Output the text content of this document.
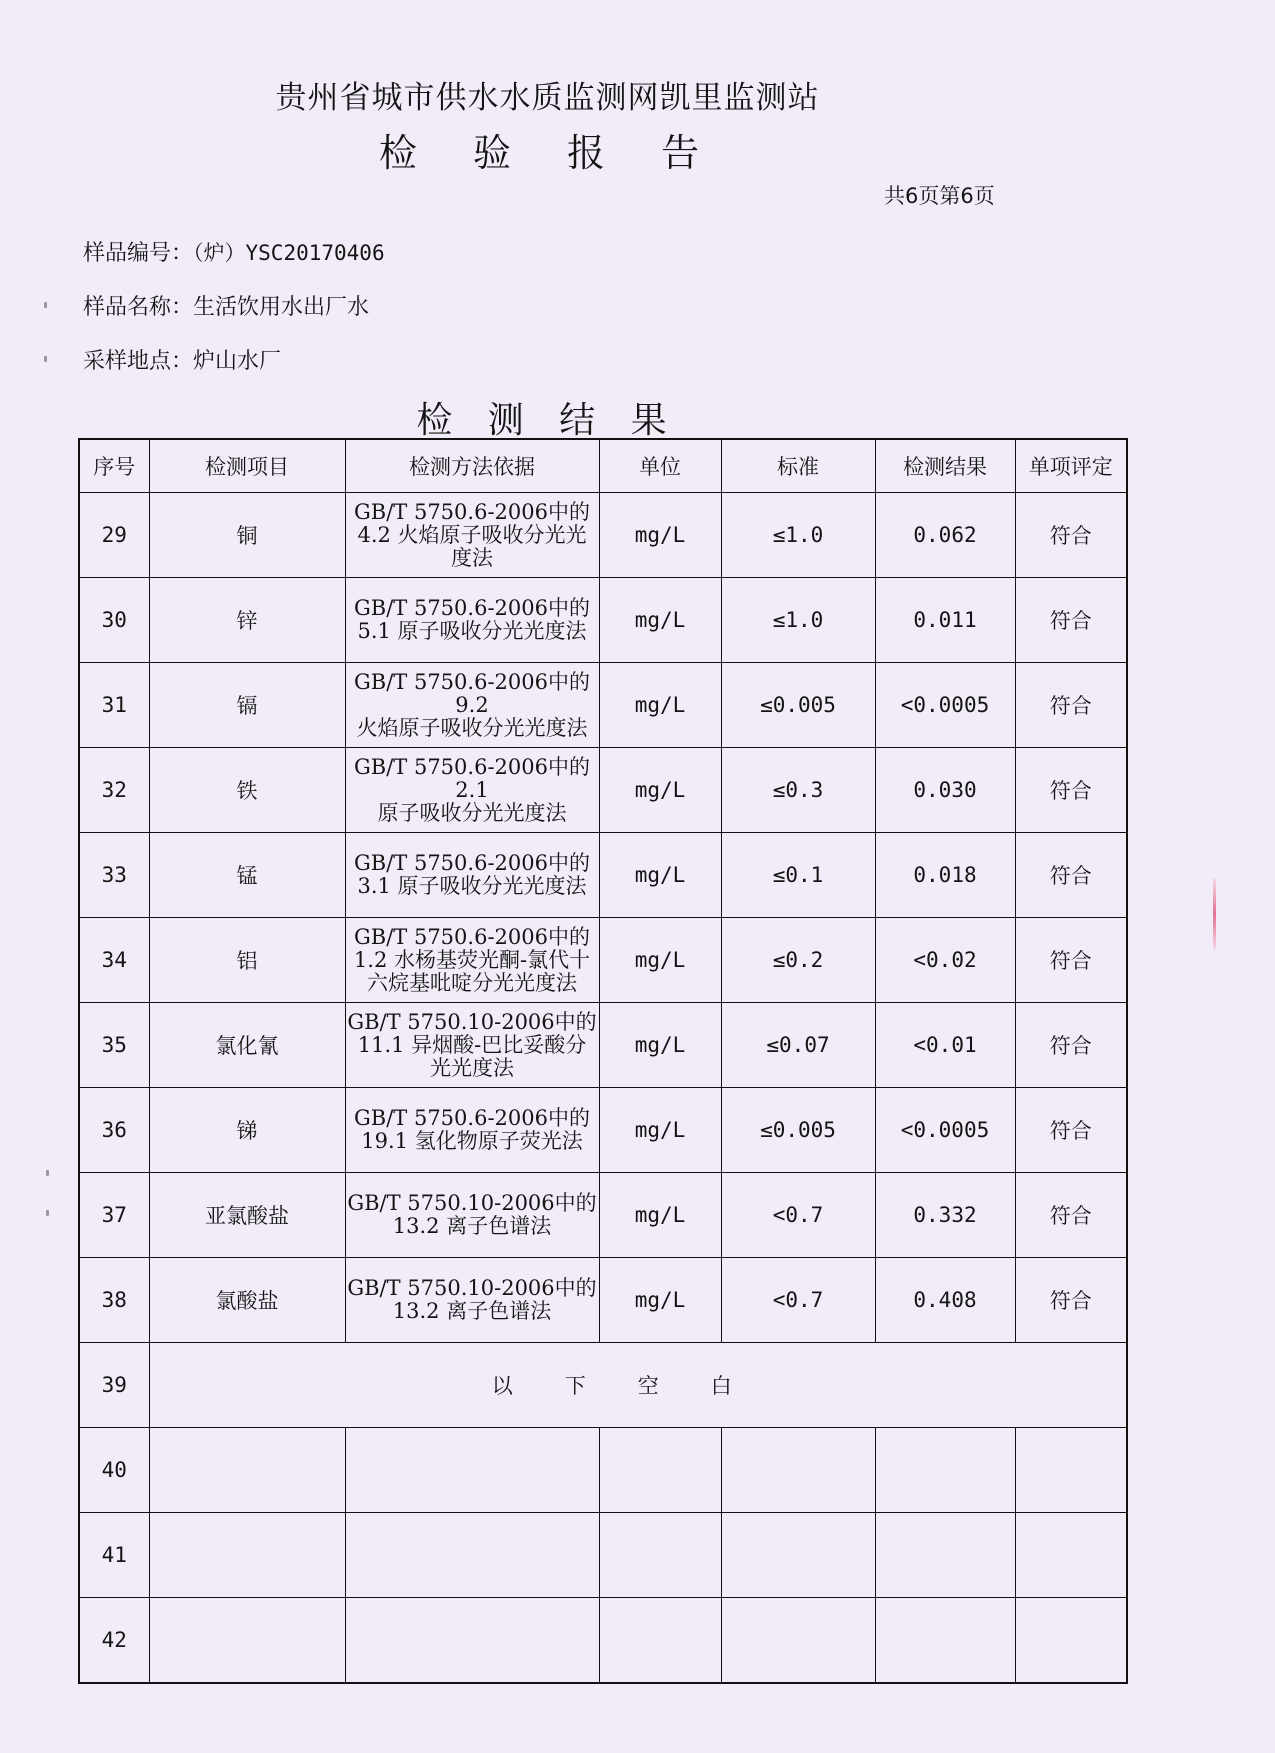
贵州省城市供水水质监测网凯里监测站
检 验 报 告
共6页第6页
样品编号：（炉）YSC20170406
样品名称：生活饮用水出厂水
采样地点：炉山水厂
检 测 结 果
序号	检测项目	检测方法依据	单位	标准	检测结果	单项评定
29	铜	GB/T 5750.6-2006中的
4.2 火焰原子吸收分光光
度法	mg/L	≤1.0	0.062	符合
30	锌	GB/T 5750.6-2006中的
5.1 原子吸收分光光度法	mg/L	≤1.0	0.011	符合
31	镉	GB/T 5750.6-2006中的9.2
火焰原子吸收分光光度法	mg/L	≤0.005	<0.0005	符合
32	铁	GB/T 5750.6-2006中的2.1
原子吸收分光光度法	mg/L	≤0.3	0.030	符合
33	锰	GB/T 5750.6-2006中的
3.1 原子吸收分光光度法	mg/L	≤0.1	0.018	符合
34	铝	GB/T 5750.6-2006中的
1.2 水杨基荧光酮-氯代十
六烷基吡啶分光光度法	mg/L	≤0.2	<0.02	符合
35	氯化氰	GB/T 5750.10-2006中的
11.1 异烟酸-巴比妥酸分
光光度法	mg/L	≤0.07	<0.01	符合
36	锑	GB/T 5750.6-2006中的
19.1 氢化物原子荧光法	mg/L	≤0.005	<0.0005	符合
37	亚氯酸盐	GB/T 5750.10-2006中的
13.2 离子色谱法	mg/L	<0.7	0.332	符合
38	氯酸盐	GB/T 5750.10-2006中的
13.2 离子色谱法	mg/L	<0.7	0.408	符合
39	以下空白					
40						
41						
42						
